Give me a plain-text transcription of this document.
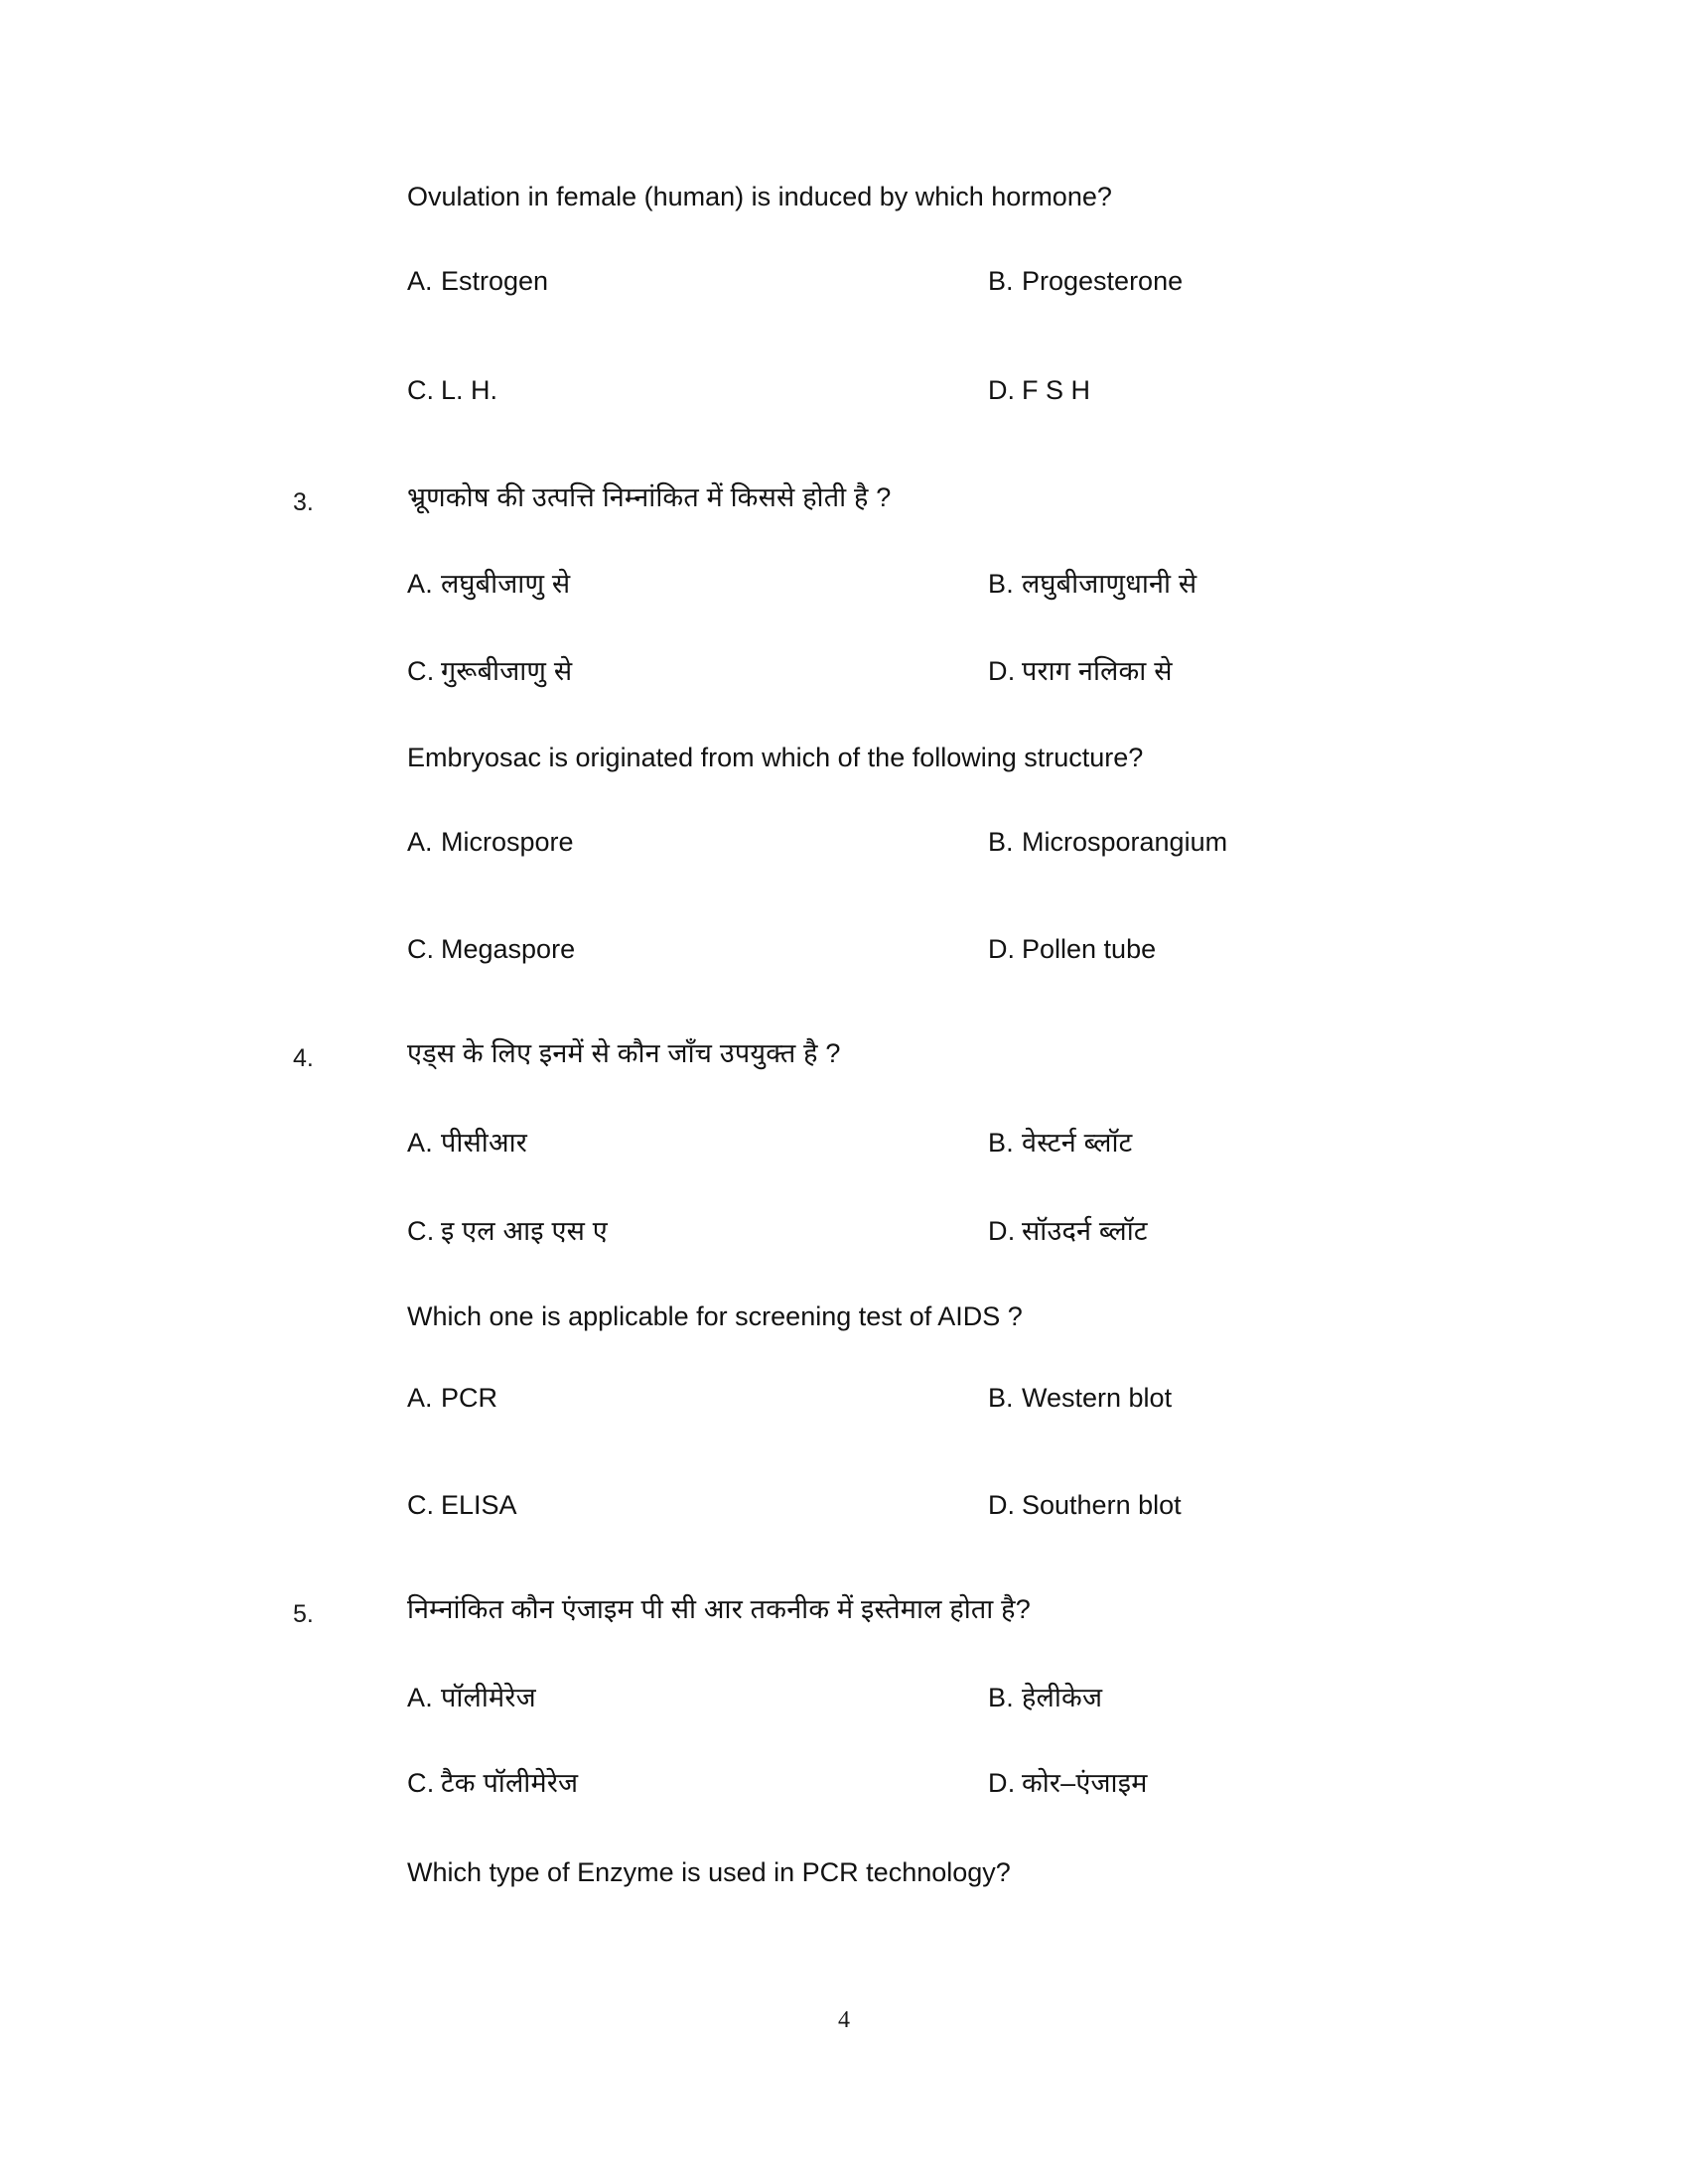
Ovulation in female (human) is induced by which hormone?
A. Estrogen	B. Progesterone
C. L. H.	D. F S H
3.	भ्रूणकोष की उत्पत्ति निम्नांकित में किससे होती है ?
A. लघुबीजाणु से	B. लघुबीजाणुधानी से
C. गुरूबीजाणु से	D. पराग नलिका से
Embryosac is originated from which of the following structure?
A. Microspore	B. Microsporangium
C. Megaspore	D. Pollen tube
4.	एड्स के लिए इनमें से कौन जाँच उपयुक्त है ?
A. पीसीआर	B. वेस्टर्न ब्लॉट
C. इ एल आइ एस ए	D. सॉउदर्न ब्लॉट
Which one is applicable for screening test of AIDS ?
A. PCR	B. Western blot
C. ELISA	D. Southern blot
5.	निम्नांकित कौन एंजाइम पी सी आर तकनीक में इस्तेमाल होता है?
A. पॉलीमेरेज	B. हेलीकेज
C. टैक पॉलीमेरेज	D. कोर–एंजाइम
Which type of Enzyme is used in PCR technology?
4
